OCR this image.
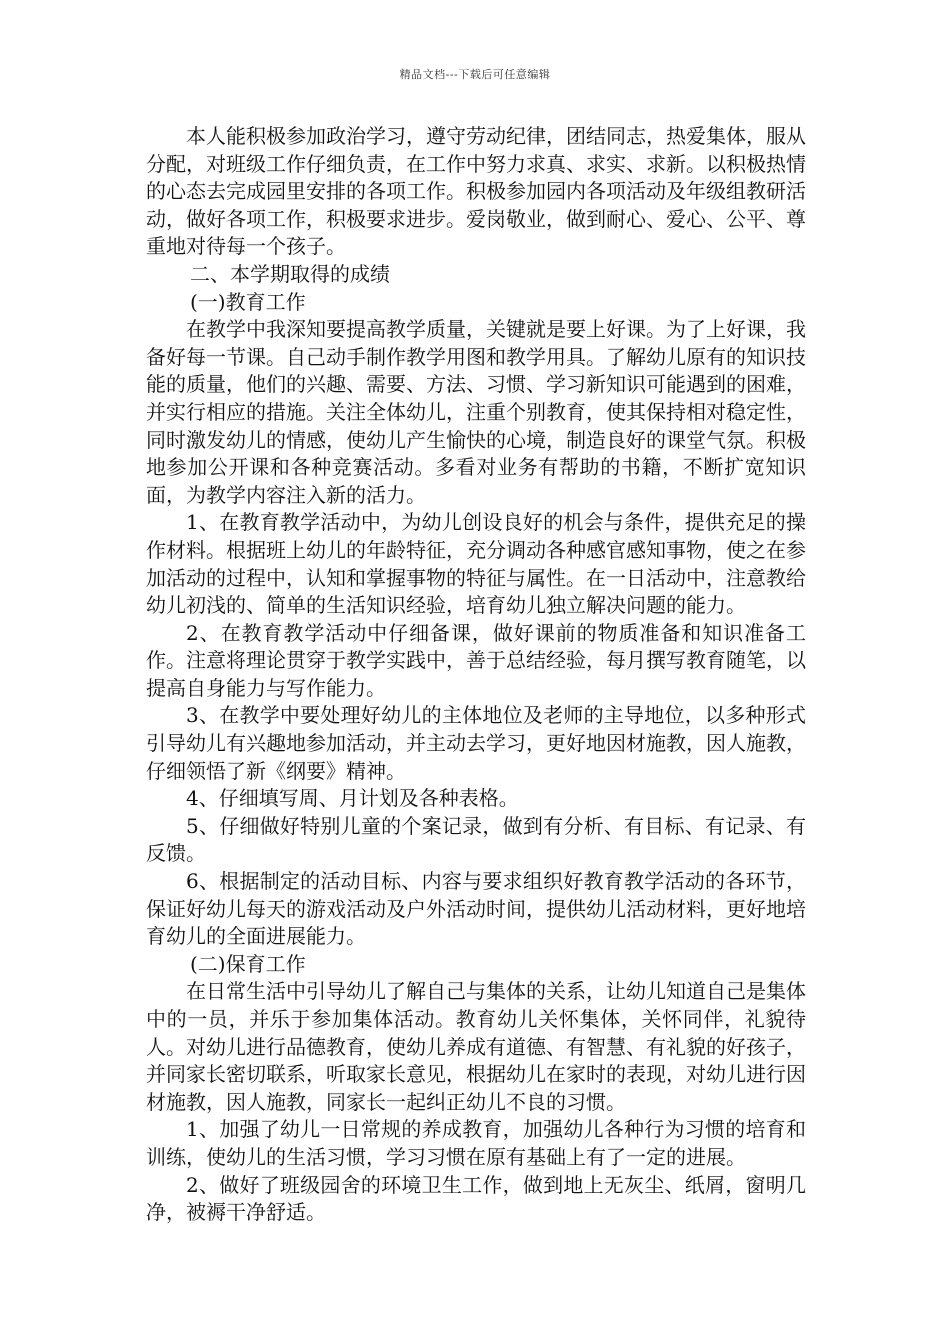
精品文档---下载后可任意编辑

本人能积极参加政治学习，遵守劳动纪律，团结同志，热爱集体，服从分配，对班级工作仔细负责，在工作中努力求真、求实、求新。以积极热情的心态去完成园里安排的各项工作。积极参加园内各项活动及年级组教研活动，做好各项工作，积极要求进步。爱岗敬业，做到耐心、爱心、公平、尊重地对待每一个孩子。

二、本学期取得的成绩

(一)教育工作

在教学中我深知要提高教学质量，关键就是要上好课。为了上好课，我备好每一节课。自己动手制作教学用图和教学用具。了解幼儿原有的知识技能的质量，他们的兴趣、需要、方法、习惯、学习新知识可能遇到的困难，并实行相应的措施。关注全体幼儿，注重个别教育，使其保持相对稳定性，同时激发幼儿的情感，使幼儿产生愉快的心境，制造良好的课堂气氛。积极地参加公开课和各种竞赛活动。多看对业务有帮助的书籍，不断扩宽知识面，为教学内容注入新的活力。

1、在教育教学活动中，为幼儿创设良好的机会与条件，提供充足的操作材料。根据班上幼儿的年龄特征，充分调动各种感官感知事物，使之在参加活动的过程中，认知和掌握事物的特征与属性。在一日活动中，注意教给幼儿初浅的、简单的生活知识经验，培育幼儿独立解决问题的能力。

2、在教育教学活动中仔细备课，做好课前的物质准备和知识准备工作。注意将理论贯穿于教学实践中，善于总结经验，每月撰写教育随笔，以提高自身能力与写作能力。

3、在教学中要处理好幼儿的主体地位及老师的主导地位，以多种形式引导幼儿有兴趣地参加活动，并主动去学习，更好地因材施教，因人施教，仔细领悟了新《纲要》精神。

4、仔细填写周、月计划及各种表格。

5、仔细做好特别儿童的个案记录，做到有分析、有目标、有记录、有反馈。

6、根据制定的活动目标、内容与要求组织好教育教学活动的各环节，保证好幼儿每天的游戏活动及户外活动时间，提供幼儿活动材料，更好地培育幼儿的全面进展能力。

(二)保育工作

在日常生活中引导幼儿了解自己与集体的关系，让幼儿知道自己是集体中的一员，并乐于参加集体活动。教育幼儿关怀集体，关怀同伴，礼貌待人。对幼儿进行品德教育，使幼儿养成有道德、有智慧、有礼貌的好孩子，并同家长密切联系，听取家长意见，根据幼儿在家时的表现，对幼儿进行因材施教，因人施教，同家长一起纠正幼儿不良的习惯。

1、加强了幼儿一日常规的养成教育，加强幼儿各种行为习惯的培育和训练，使幼儿的生活习惯，学习习惯在原有基础上有了一定的进展。

2、做好了班级园舍的环境卫生工作，做到地上无灰尘、纸屑，窗明几净，被褥干净舒适。
